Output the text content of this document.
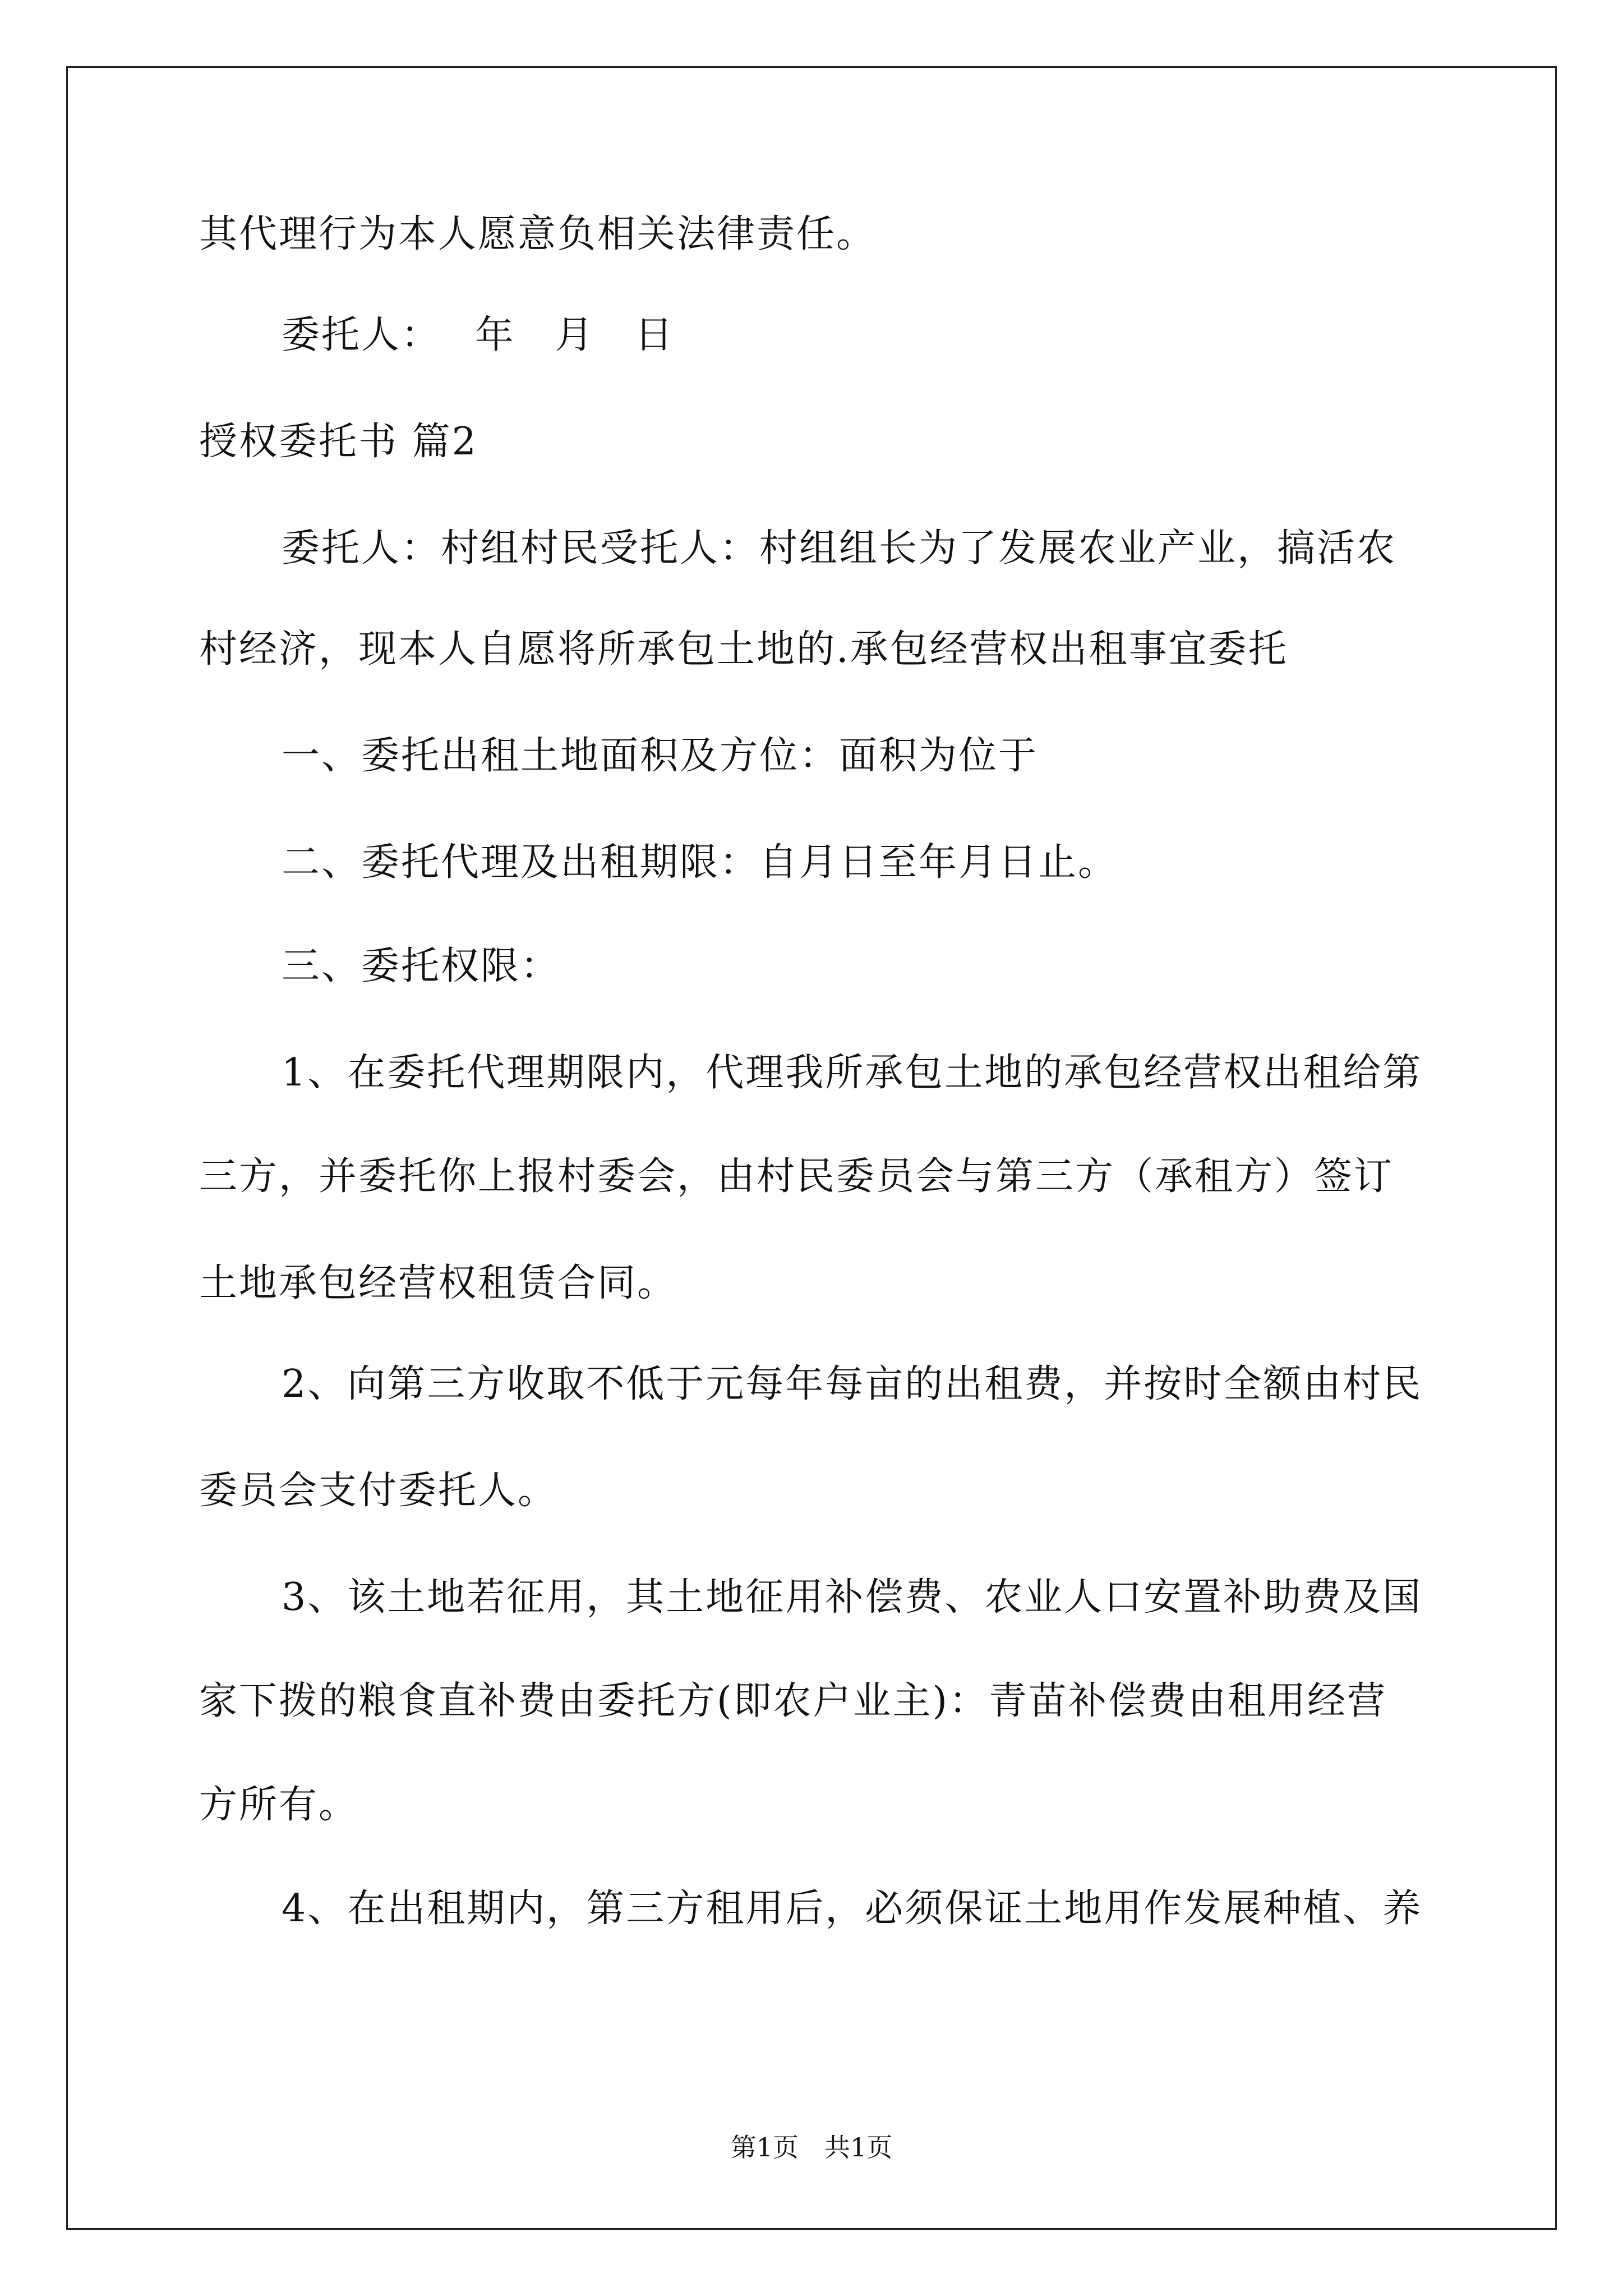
其代理行为本人愿意负相关法律责任。
委托人：　 年　月　日
授权委托书 篇2
委托人：村组村民受托人：村组组长为了发展农业产业，搞活农
村经济，现本人自愿将所承包土地的.承包经营权出租事宜委托
一、委托出租土地面积及方位：面积为位于
二、委托代理及出租期限：自月日至年月日止。
三、委托权限：
1、在委托代理期限内，代理我所承包土地的承包经营权出租给第
三方，并委托你上报村委会，由村民委员会与第三方（承租方）签订
土地承包经营权租赁合同。
2、向第三方收取不低于元每年每亩的出租费，并按时全额由村民
委员会支付委托人。
3、该土地若征用，其土地征用补偿费、农业人口安置补助费及国
家下拨的粮食直补费由委托方(即农户业主)：青苗补偿费由租用经营
方所有。
4、在出租期内，第三方租用后，必须保证土地用作发展种植、养
第1页　共1页
